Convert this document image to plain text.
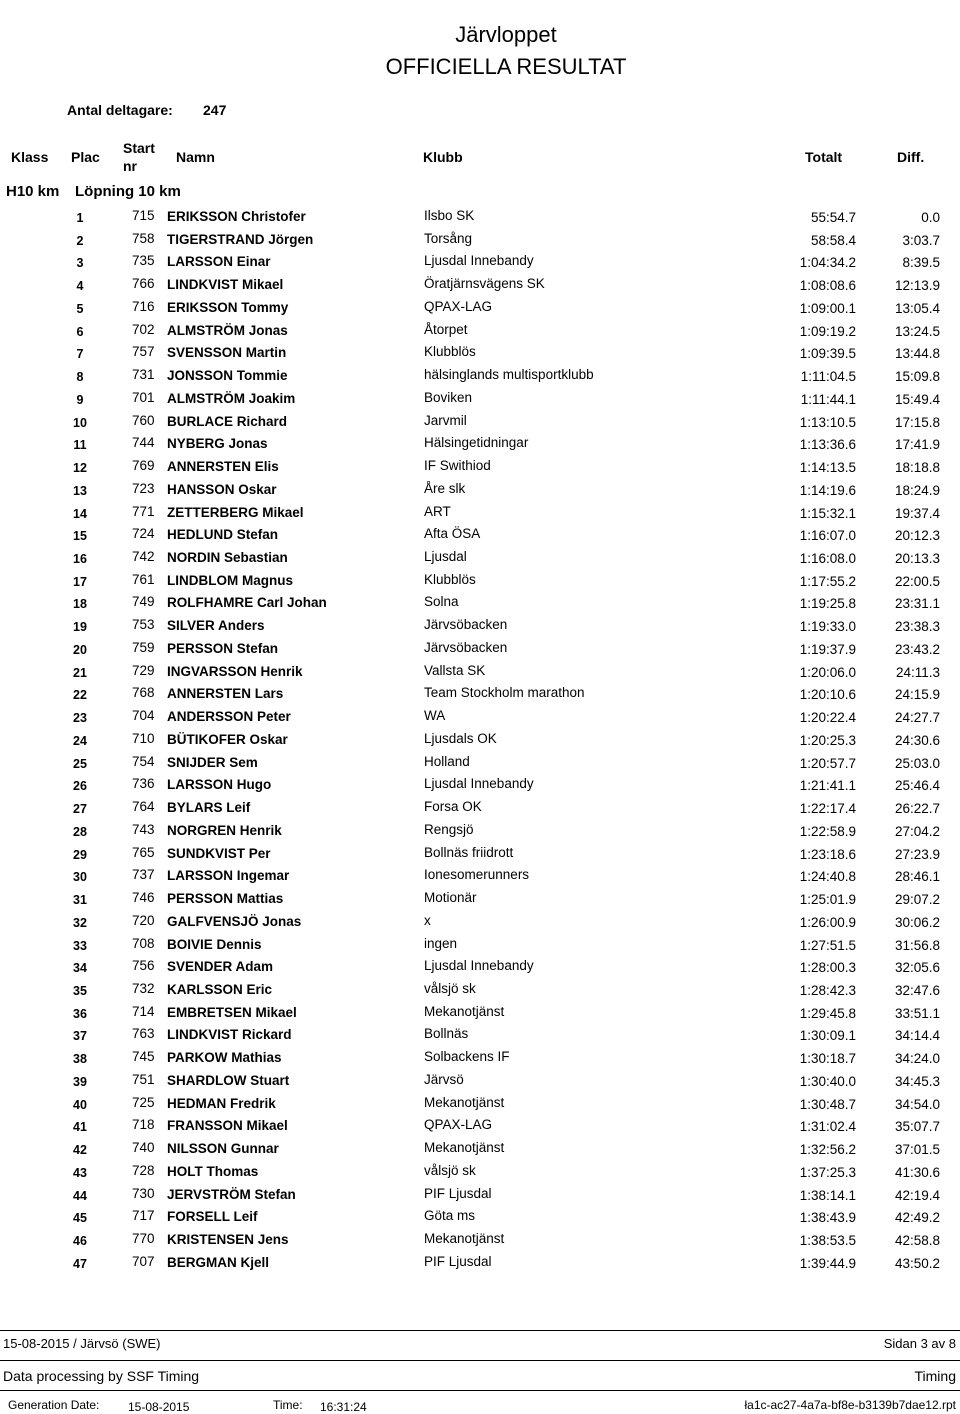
Järvloppet
OFFICIELLA RESULTAT
Antal deltagare: 247
Klass Plac
Start
nr
Namn	Klubb	Totalt	Diff.
H10 km Löpning 10 km
1	715 ERIKSSON Christofer	Ilsbo SK	55:54.7	0.0
2	758 TIGERSTRAND Jörgen	Torsång	58:58.4	3:03.7
3	735 LARSSON Einar	Ljusdal Innebandy	1:04:34.2	8:39.5
4	766 LINDKVIST Mikael	Öratjärnsvägens SK	1:08:08.6	12:13.9
5	716 ERIKSSON Tommy	QPAX-LAG	1:09:00.1	13:05.4
6	702 ALMSTRÖM Jonas	Åtorpet	1:09:19.2	13:24.5
7	757 SVENSSON Martin	Klubblös	1:09:39.5	13:44.8
8	731 JONSSON Tommie	hälsinglands multisportklubb	1:11:04.5	15:09.8
9	701 ALMSTRÖM Joakim	Boviken	1:11:44.1	15:49.4
10	760 BURLACE Richard	Jarvmil	1:13:10.5	17:15.8
11	744 NYBERG Jonas	Hälsingetidningar	1:13:36.6	17:41.9
12	769 ANNERSTEN Elis	IF Swithiod	1:14:13.5	18:18.8
13	723 HANSSON Oskar	Åre slk	1:14:19.6	18:24.9
14	771 ZETTERBERG Mikael	ART	1:15:32.1	19:37.4
15	724 HEDLUND Stefan	Afta ÖSA	1:16:07.0	20:12.3
16	742 NORDIN Sebastian	Ljusdal	1:16:08.0	20:13.3
17	761 LINDBLOM Magnus	Klubblös	1:17:55.2	22:00.5
18	749 ROLFHAMRE Carl Johan	Solna	1:19:25.8	23:31.1
19	753 SILVER Anders	Järvsöbacken	1:19:33.0	23:38.3
20	759 PERSSON Stefan	Järvsöbacken	1:19:37.9	23:43.2
21	729 INGVARSSON Henrik	Vallsta SK	1:20:06.0	24:11.3
22	768 ANNERSTEN Lars	Team Stockholm marathon	1:20:10.6	24:15.9
23	704 ANDERSSON Peter	WA	1:20:22.4	24:27.7
24	710 BÜTIKOFER Oskar	Ljusdals OK	1:20:25.3	24:30.6
25	754 SNIJDER Sem	Holland	1:20:57.7	25:03.0
26	736 LARSSON Hugo	Ljusdal Innebandy	1:21:41.1	25:46.4
27	764 BYLARS Leif	Forsa OK	1:22:17.4	26:22.7
28	743 NORGREN Henrik	Rengsjö	1:22:58.9	27:04.2
29	765 SUNDKVIST Per	Bollnäs friidrott	1:23:18.6	27:23.9
30	737 LARSSON Ingemar	Ionesomerunners	1:24:40.8	28:46.1
31	746 PERSSON Mattias	Motionär	1:25:01.9	29:07.2
32	720 GALFVENSJÖ Jonas	x	1:26:00.9	30:06.2
33	708 BOIVIE Dennis	ingen	1:27:51.5	31:56.8
34	756 SVENDER Adam	Ljusdal Innebandy	1:28:00.3	32:05.6
35	732 KARLSSON Eric	vålsjö sk	1:28:42.3	32:47.6
36	714 EMBRETSEN Mikael	Mekanotjänst	1:29:45.8	33:51.1
37	763 LINDKVIST Rickard	Bollnäs	1:30:09.1	34:14.4
38	745 PARKOW Mathias	Solbackens IF	1:30:18.7	34:24.0
39	751 SHARDLOW Stuart	Järvsö	1:30:40.0	34:45.3
40	725 HEDMAN Fredrik	Mekanotjänst	1:30:48.7	34:54.0
41	718 FRANSSON Mikael	QPAX-LAG	1:31:02.4	35:07.7
42	740 NILSSON Gunnar	Mekanotjänst	1:32:56.2	37:01.5
43	728 HOLT Thomas	vålsjö sk	1:37:25.3	41:30.6
44	730 JERVSTRÖM Stefan	PIF Ljusdal	1:38:14.1	42:19.4
45	717 FORSELL Leif	Göta ms	1:38:43.9	42:49.2
46	770 KRISTENSEN Jens	Mekanotjänst	1:38:53.5	42:58.8
47	707 BERGMAN Kjell	PIF Ljusdal	1:39:44.9	43:50.2
15-08-2015 / Järvsö (SWE)	Sidan 3 av 8
Data processing by SSF Timing	Timing
Generation Date: 15-08-2015	Time: 16:31:24	ła1c-ac27-4a7a-bf8e-b3139b7dae12.rpt
